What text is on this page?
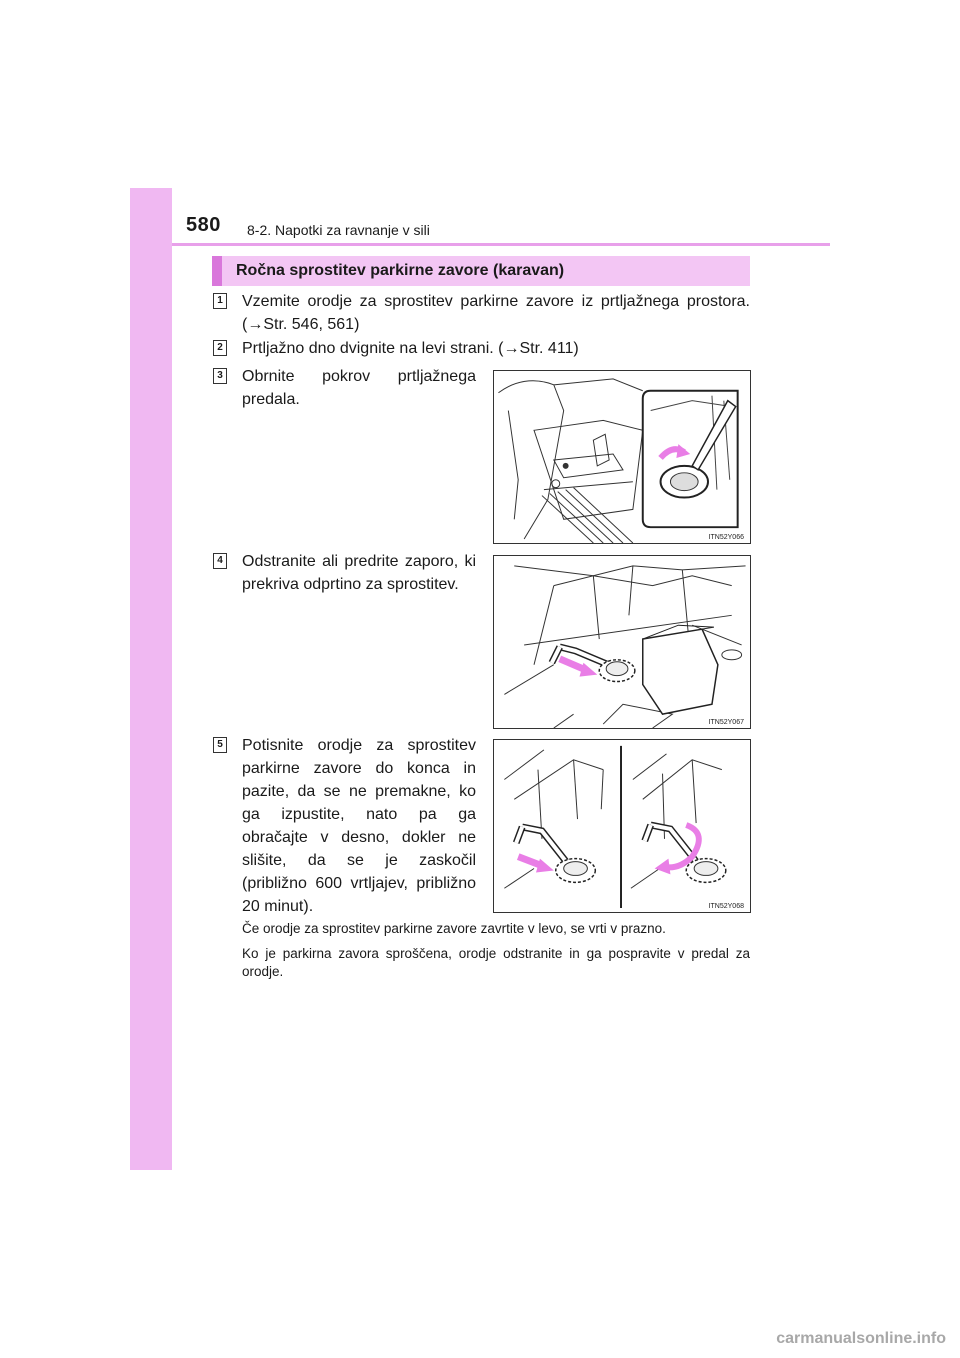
580 8-2. Napotki za ravnanje v sili
Ročna sprostitev parkirne zavore (karavan)
1 Vzemite orodje za sprostitev parkirne zavore iz prtljažnega prostora. (→Str. 546, 561)
2 Prtljažno dno dvignite na levi strani. (→Str. 411)
3 Obrnite pokrov prtljažnega predala.
ITN52Y066
4 Odstranite ali predrite zaporo, ki prekriva odprtino za sprostitev.
ITN52Y067
5 Potisnite orodje za sprostitev parkirne zavore do konca in pazite, da se ne premakne, ko ga izpustite, nato pa ga obračajte v desno, dokler ne slišite, da se je zaskočil (približno 600 vrtljajev, približno 20 minut).	ITN52Y068
Če orodje za sprostitev parkirne zavore zavrtite v levo, se vrti v prazno.
Ko je parkirna zavora sproščena, orodje odstranite in ga pospravite v predal za orodje.
carmanualsonline.info
